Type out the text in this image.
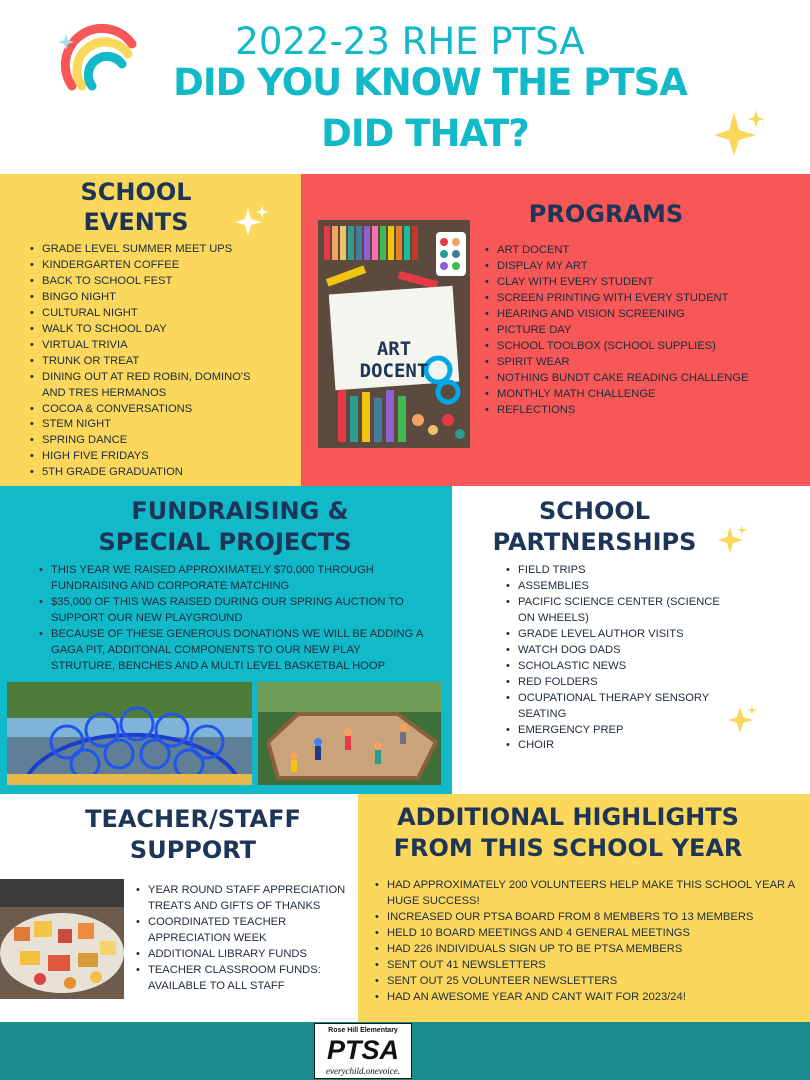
2022-23 RHE PTSA
DID YOU KNOW THE PTSA
DID THAT?
SCHOOL
EVENTS
• GRADE LEVEL SUMMER MEET UPS
• KINDERGARTEN COFFEE
• BACK TO SCHOOL FEST
• BINGO NIGHT
• CULTURAL NIGHT
• WALK TO SCHOOL DAY
• VIRTUAL TRIVIA
• TRUNK OR TREAT
• DINING OUT AT RED ROBIN, DOMINO'S AND TRES HERMANOS
• COCOA & CONVERSATIONS
• STEM NIGHT
• SPRING DANCE
• HIGH FIVE FRIDAYS
• 5TH GRADE GRADUATION
PROGRAMS
ART
DOCENT
• ART DOCENT
• DISPLAY MY ART
• CLAY WITH EVERY STUDENT
• SCREEN PRINTING WITH EVERY STUDENT
• HEARING AND VISION SCREENING
• PICTURE DAY
• SCHOOL TOOLBOX (SCHOOL SUPPLIES)
• SPIRIT WEAR
• NOTHING BUNDT CAKE READING CHALLENGE
• MONTHLY MATH CHALLENGE
• REFLECTIONS
FUNDRAISING &
SPECIAL PROJECTS
• THIS YEAR WE RAISED APPROXIMATELY $70,000 THROUGH FUNDRAISING AND CORPORATE MATCHING
• $35,000 OF THIS WAS RAISED DURING OUR SPRING AUCTION TO SUPPORT OUR NEW PLAYGROUND
• BECAUSE OF THESE GENEROUS DONATIONS WE WILL BE ADDING A GAGA PIT, ADDITONAL COMPONENTS TO OUR NEW PLAY STRUTURE, BENCHES AND A MULTI LEVEL BASKETBAL HOOP
SCHOOL
PARTNERSHIPS
• FIELD TRIPS
• ASSEMBLIES
• PACIFIC SCIENCE CENTER (SCIENCE ON WHEELS)
• GRADE LEVEL AUTHOR VISITS
• WATCH DOG DADS
• SCHOLASTIC NEWS
• RED FOLDERS
• OCUPATIONAL THERAPY SENSORY SEATING
• EMERGENCY PREP
• CHOIR
TEACHER/STAFF
SUPPORT
• YEAR ROUND STAFF APPRECIATION TREATS AND GIFTS OF THANKS
• COORDINATED TEACHER APPRECIATION WEEK
• ADDITIONAL LIBRARY FUNDS
• TEACHER CLASSROOM FUNDS: AVAILABLE TO ALL STAFF
ADDITIONAL HIGHLIGHTS
FROM THIS SCHOOL YEAR
• HAD APPROXIMATELY 200 VOLUNTEERS HELP MAKE THIS SCHOOL YEAR A HUGE SUCCESS!
• INCREASED OUR PTSA BOARD FROM 8 MEMBERS TO 13 MEMBERS
• HELD 10 BOARD MEETINGS AND 4 GENERAL MEETINGS
• HAD 226 INDIVIDUALS SIGN UP TO BE PTSA MEMBERS
• SENT OUT 41 NEWSLETTERS
• SENT OUT 25 VOLUNTEER NEWSLETTERS
• HAD AN AWESOME YEAR AND CANT WAIT FOR 2023/24!
Rose Hill Elementary
PTSA
everychild.onevoice.
